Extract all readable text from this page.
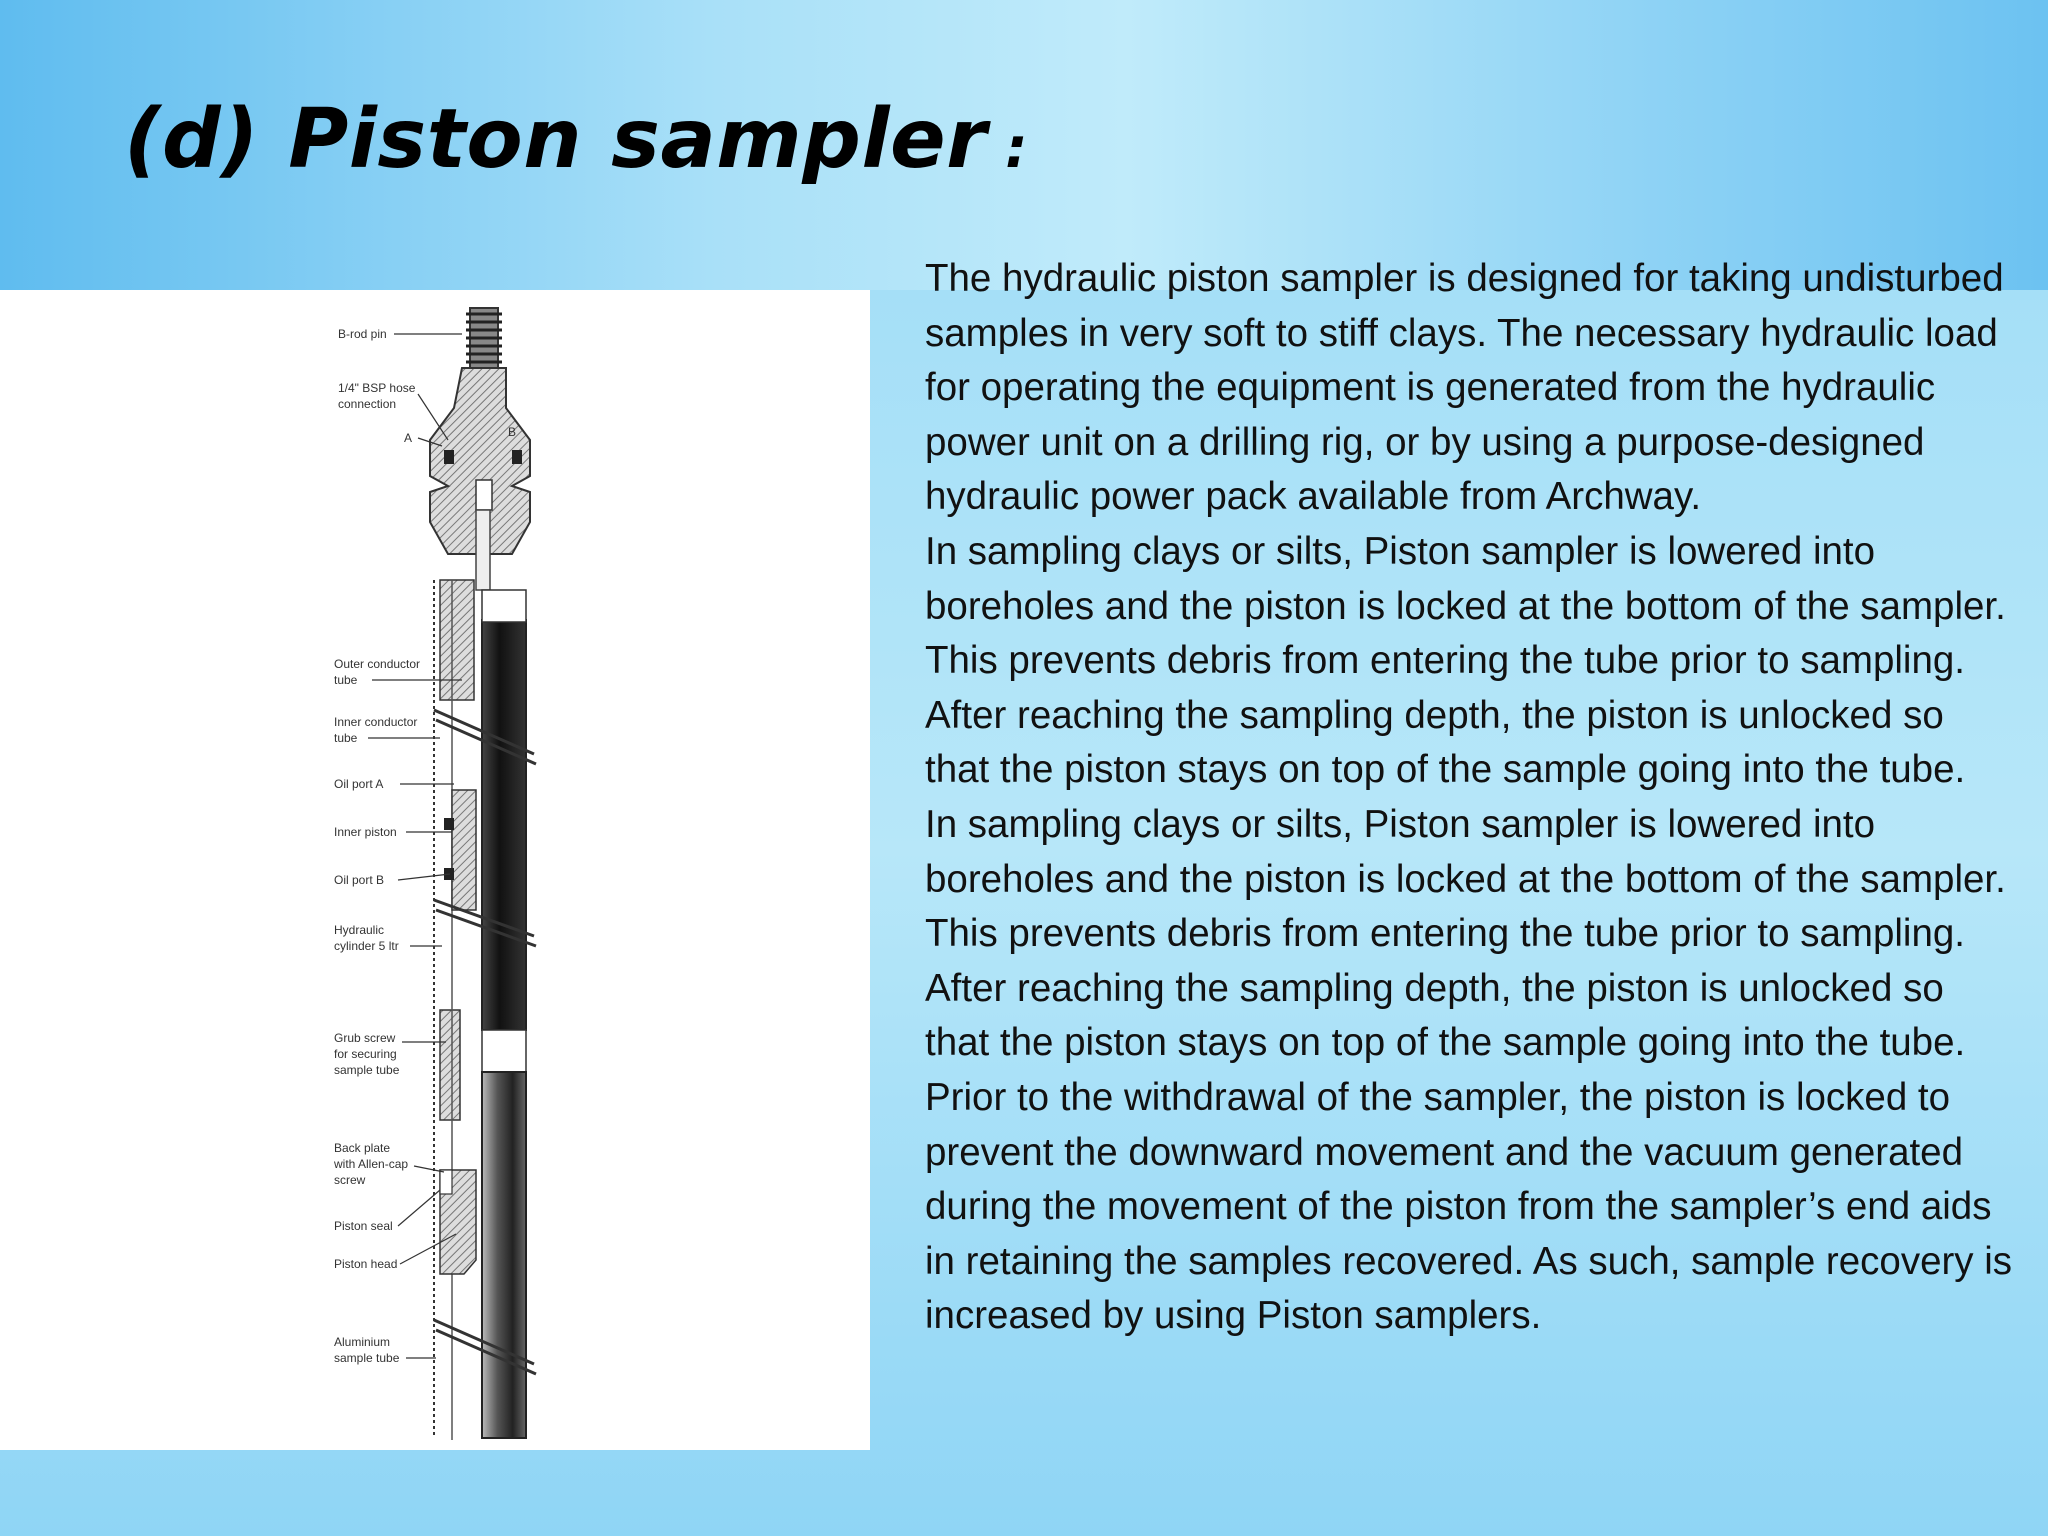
(d) Piston sampler :
B-rod pin
1/4" BSP hose
connection
A	B
Outer conductor
tube
Inner conductor
tube
Oil port A
Inner piston
Oil port B
Hydraulic
cylinder 5 ltr
Grub screw
for securing
sample tube
Back plate
with Allen-cap
screw
Piston seal
Piston head
Aluminium
sample tube

The hydraulic piston sampler is designed for taking undisturbed samples in very soft to stiff clays. The necessary hydraulic load for operating the equipment is generated from the hydraulic power unit on a drilling rig, or by using a purpose-designed hydraulic power pack available from Archway.

In sampling clays or silts, Piston sampler is lowered into boreholes and the piston is locked at the bottom of the sampler. This prevents debris from entering the tube prior to sampling. After reaching the sampling depth, the piston is unlocked so that the piston stays on top of the sample going into the tube.

In sampling clays or silts, Piston sampler is lowered into boreholes and the piston is locked at the bottom of the sampler. This prevents debris from entering the tube prior to sampling. After reaching the sampling depth, the piston is unlocked so that the piston stays on top of the sample going into the tube. Prior to the withdrawal of the sampler, the piston is locked to prevent the downward movement and the vacuum generated during the movement of the piston from the sampler’s end aids in retaining the samples recovered. As such, sample recovery is increased by using Piston samplers.
